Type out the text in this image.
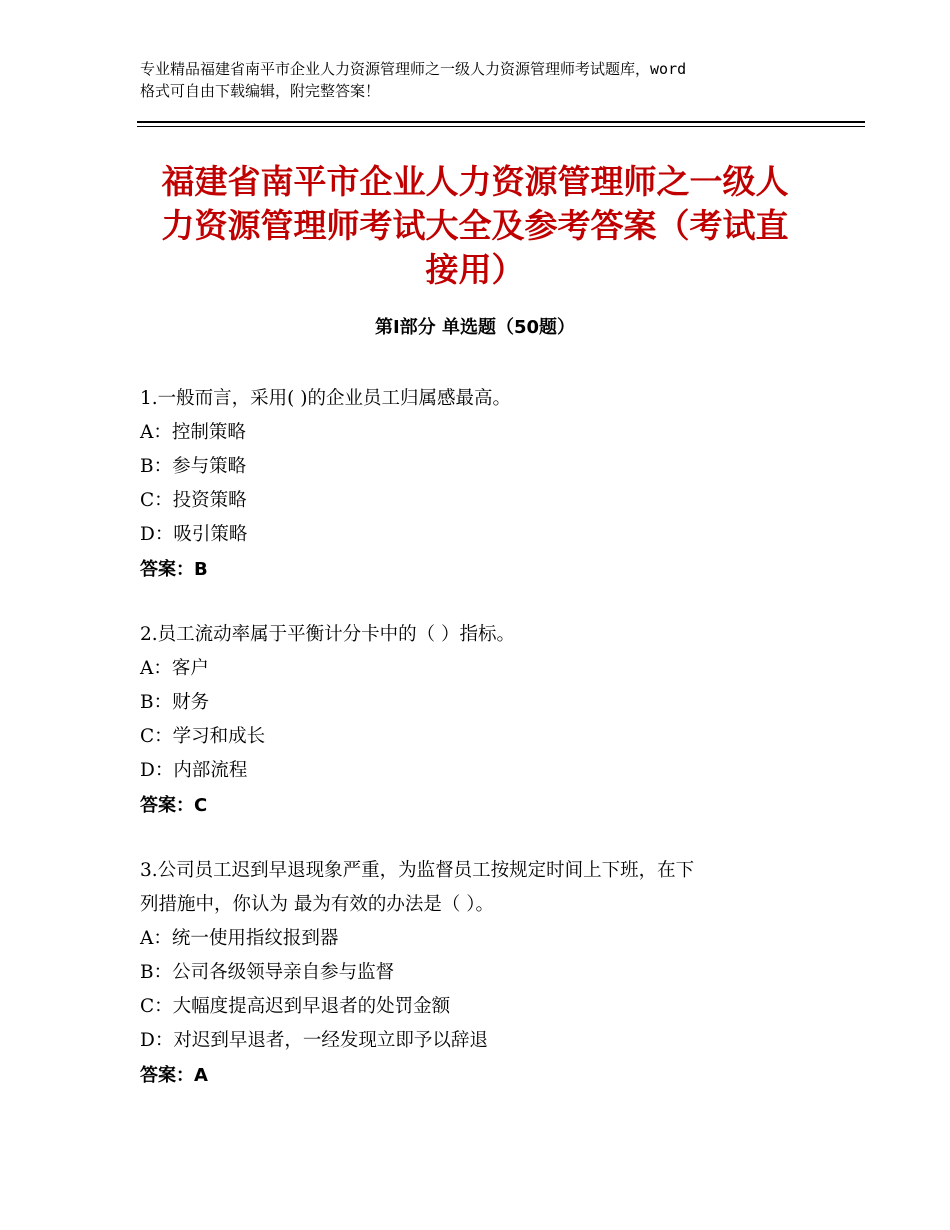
专业精品福建省南平市企业人力资源管理师之一级人力资源管理师考试题库，word
格式可自由下载编辑，附完整答案！
福建省南平市企业人力资源管理师之一级人
力资源管理师考试大全及参考答案（考试直
接用）
第Ⅰ部分 单选题（50题）

1.一般而言，采用( )的企业员工归属感最高。

A：控制策略

B：参与策略

C：投资策略

D：吸引策略

答案：B

2.员工流动率属于平衡计分卡中的（ ）指标。

A：客户

B：财务

C：学习和成长

D：内部流程

答案：C

3.公司员工迟到早退现象严重，为监督员工按规定时间上下班，在下

列措施中，你认为 最为有效的办法是（ ）。

A：统一使用指纹报到器

B：公司各级领导亲自参与监督

C：大幅度提高迟到早退者的处罚金额

D：对迟到早退者，一经发现立即予以辞退

答案：A
